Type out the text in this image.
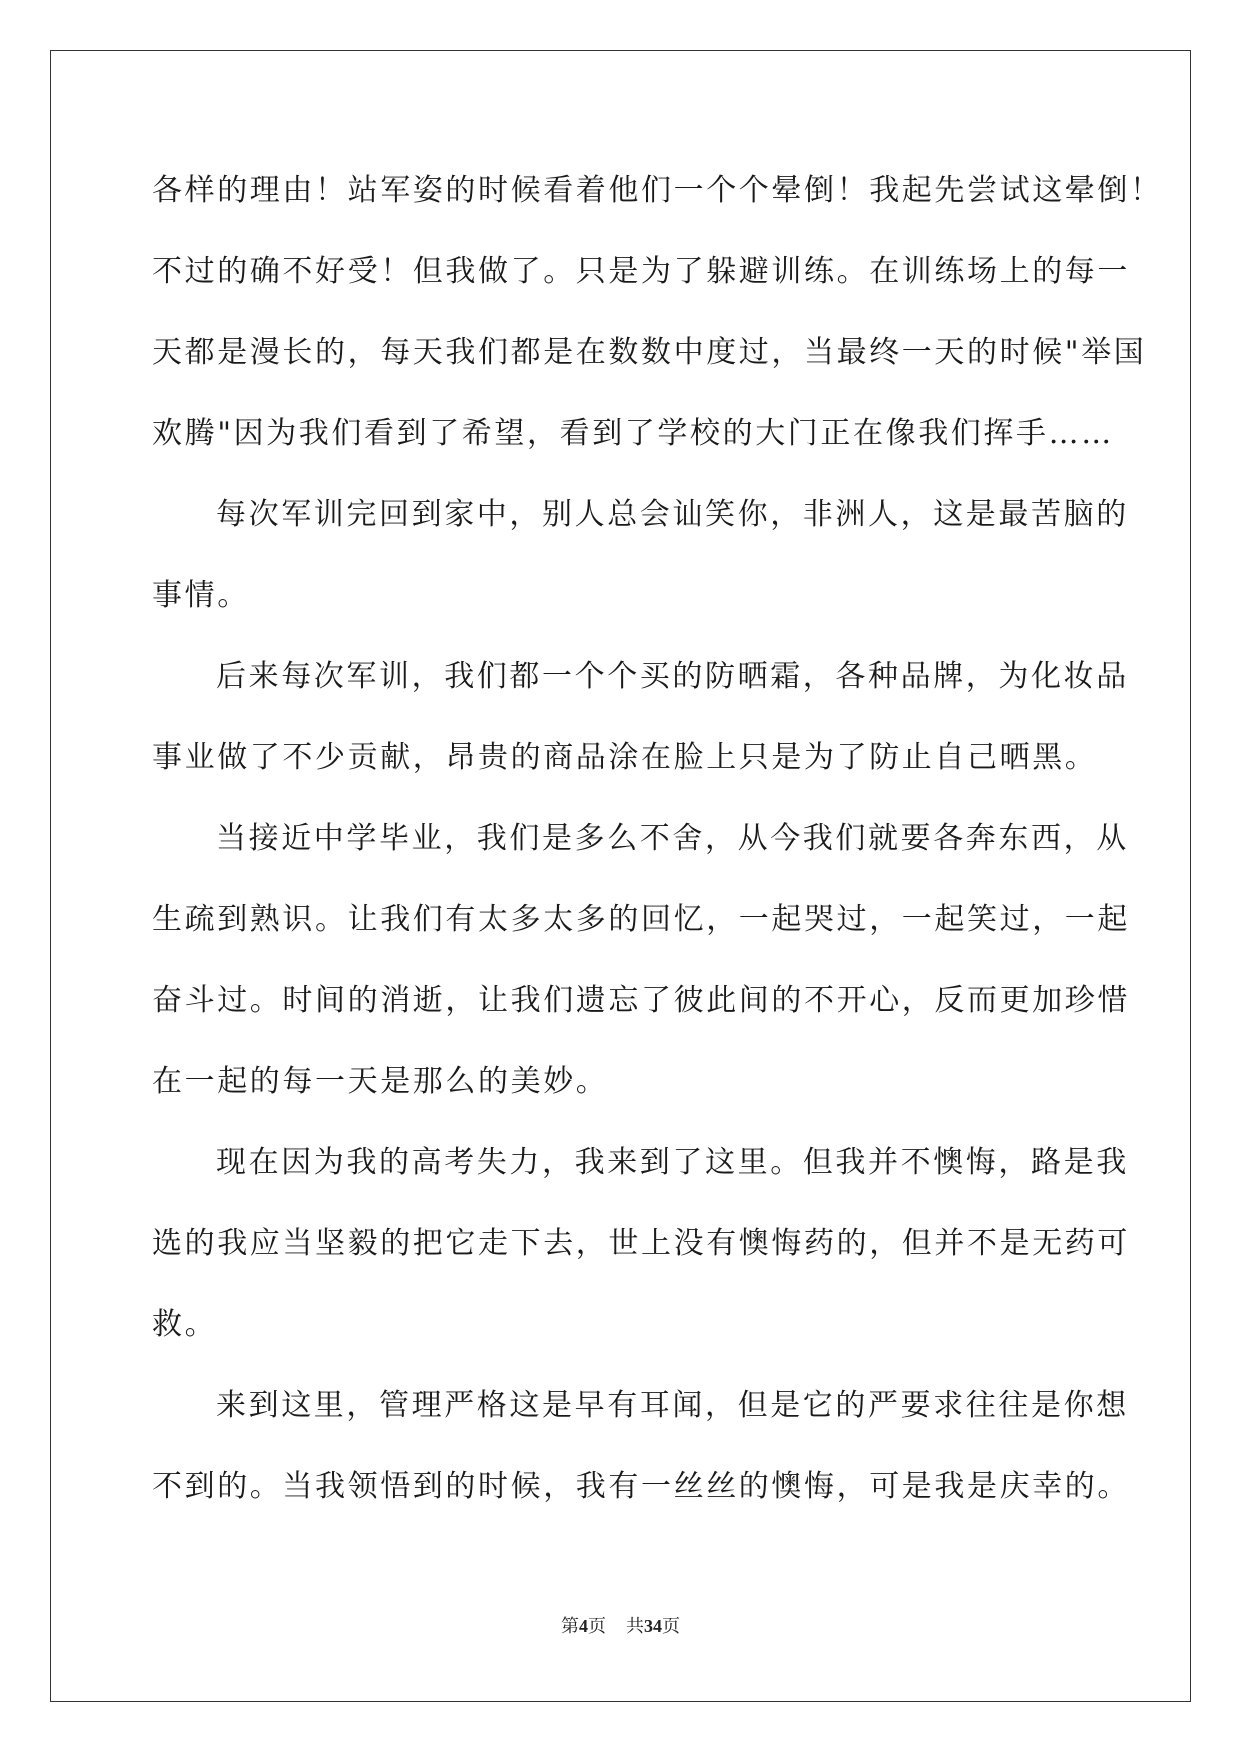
各样的理由！站军姿的时候看着他们一个个晕倒！我起先尝试这晕倒！
不过的确不好受！但我做了。只是为了躲避训练。在训练场上的每一
天都是漫长的，每天我们都是在数数中度过，当最终一天的时候"举国
欢腾"因为我们看到了希望，看到了学校的大门正在像我们挥手……
每次军训完回到家中，别人总会讪笑你，非洲人，这是最苦脑的
事情。
后来每次军训，我们都一个个买的防晒霜，各种品牌，为化妆品
事业做了不少贡献，昂贵的商品涂在脸上只是为了防止自己晒黑。
当接近中学毕业，我们是多么不舍，从今我们就要各奔东西，从
生疏到熟识。让我们有太多太多的回忆，一起哭过，一起笑过，一起
奋斗过。时间的消逝，让我们遗忘了彼此间的不开心，反而更加珍惜
在一起的每一天是那么的美妙。
现在因为我的高考失力，我来到了这里。但我并不懊悔，路是我
选的我应当坚毅的把它走下去，世上没有懊悔药的，但并不是无药可
救。
来到这里，管理严格这是早有耳闻，但是它的严要求往往是你想
不到的。当我领悟到的时候，我有一丝丝的懊悔，可是我是庆幸的。
第4页 共34页
